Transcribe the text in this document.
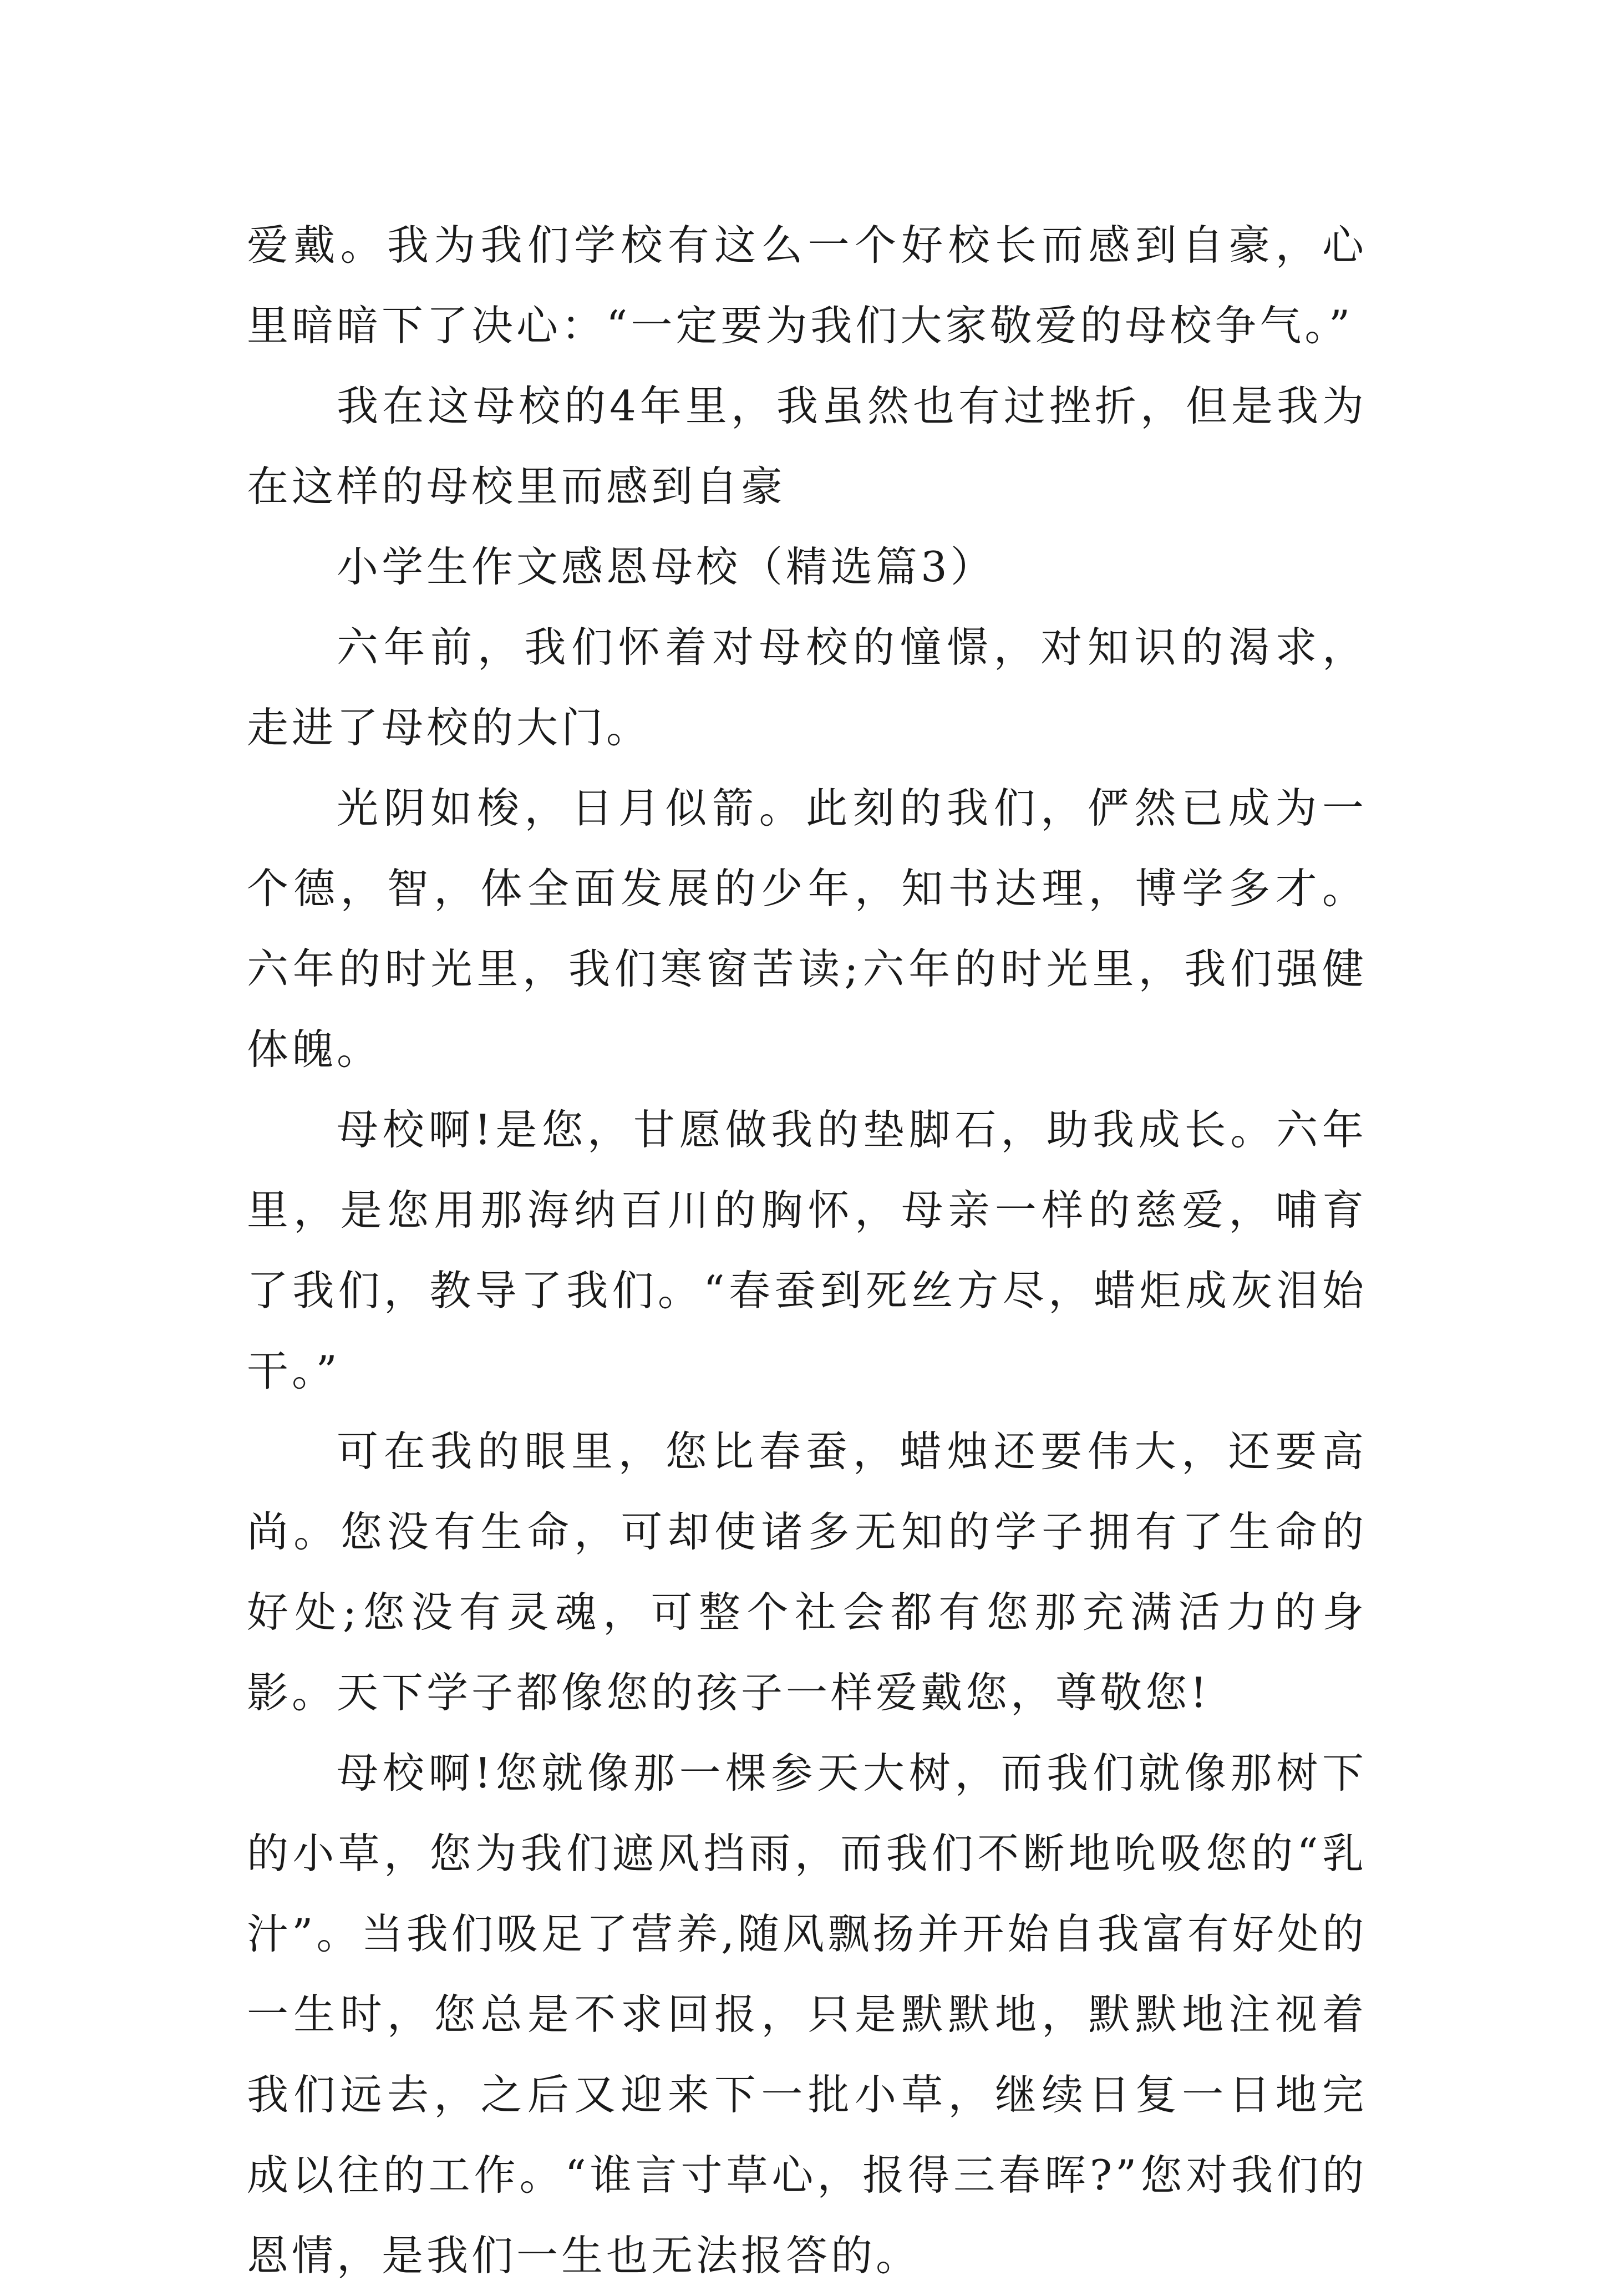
爱戴。我为我们学校有这么一个好校长而感到自豪，心里暗暗下了决心：“一定要为我们大家敬爱的母校争气。”

我在这母校的4年里，我虽然也有过挫折，但是我为在这样的母校里而感到自豪

小学生作文感恩母校（精选篇3）

六年前，我们怀着对母校的憧憬，对知识的渴求，走进了母校的大门。

光阴如梭，日月似箭。此刻的我们，俨然已成为一个德，智，体全面发展的少年，知书达理，博学多才。六年的时光里，我们寒窗苦读;六年的时光里，我们强健体魄。

母校啊!是您，甘愿做我的垫脚石，助我成长。六年里，是您用那海纳百川的胸怀，母亲一样的慈爱，哺育了我们，教导了我们。“春蚕到死丝方尽，蜡炬成灰泪始干。”

可在我的眼里，您比春蚕，蜡烛还要伟大，还要高尚。您没有生命，可却使诸多无知的学子拥有了生命的好处;您没有灵魂，可整个社会都有您那充满活力的身影。天下学子都像您的孩子一样爱戴您，尊敬您!

母校啊!您就像那一棵参天大树，而我们就像那树下的小草，您为我们遮风挡雨，而我们不断地吮吸您的“乳汁”。当我们吸足了营养,随风飘扬并开始自我富有好处的一生时，您总是不求回报，只是默默地，默默地注视着我们远去，之后又迎来下一批小草，继续日复一日地完成以往的工作。“谁言寸草心，报得三春晖?”您对我们的恩情，是我们一生也无法报答的。
